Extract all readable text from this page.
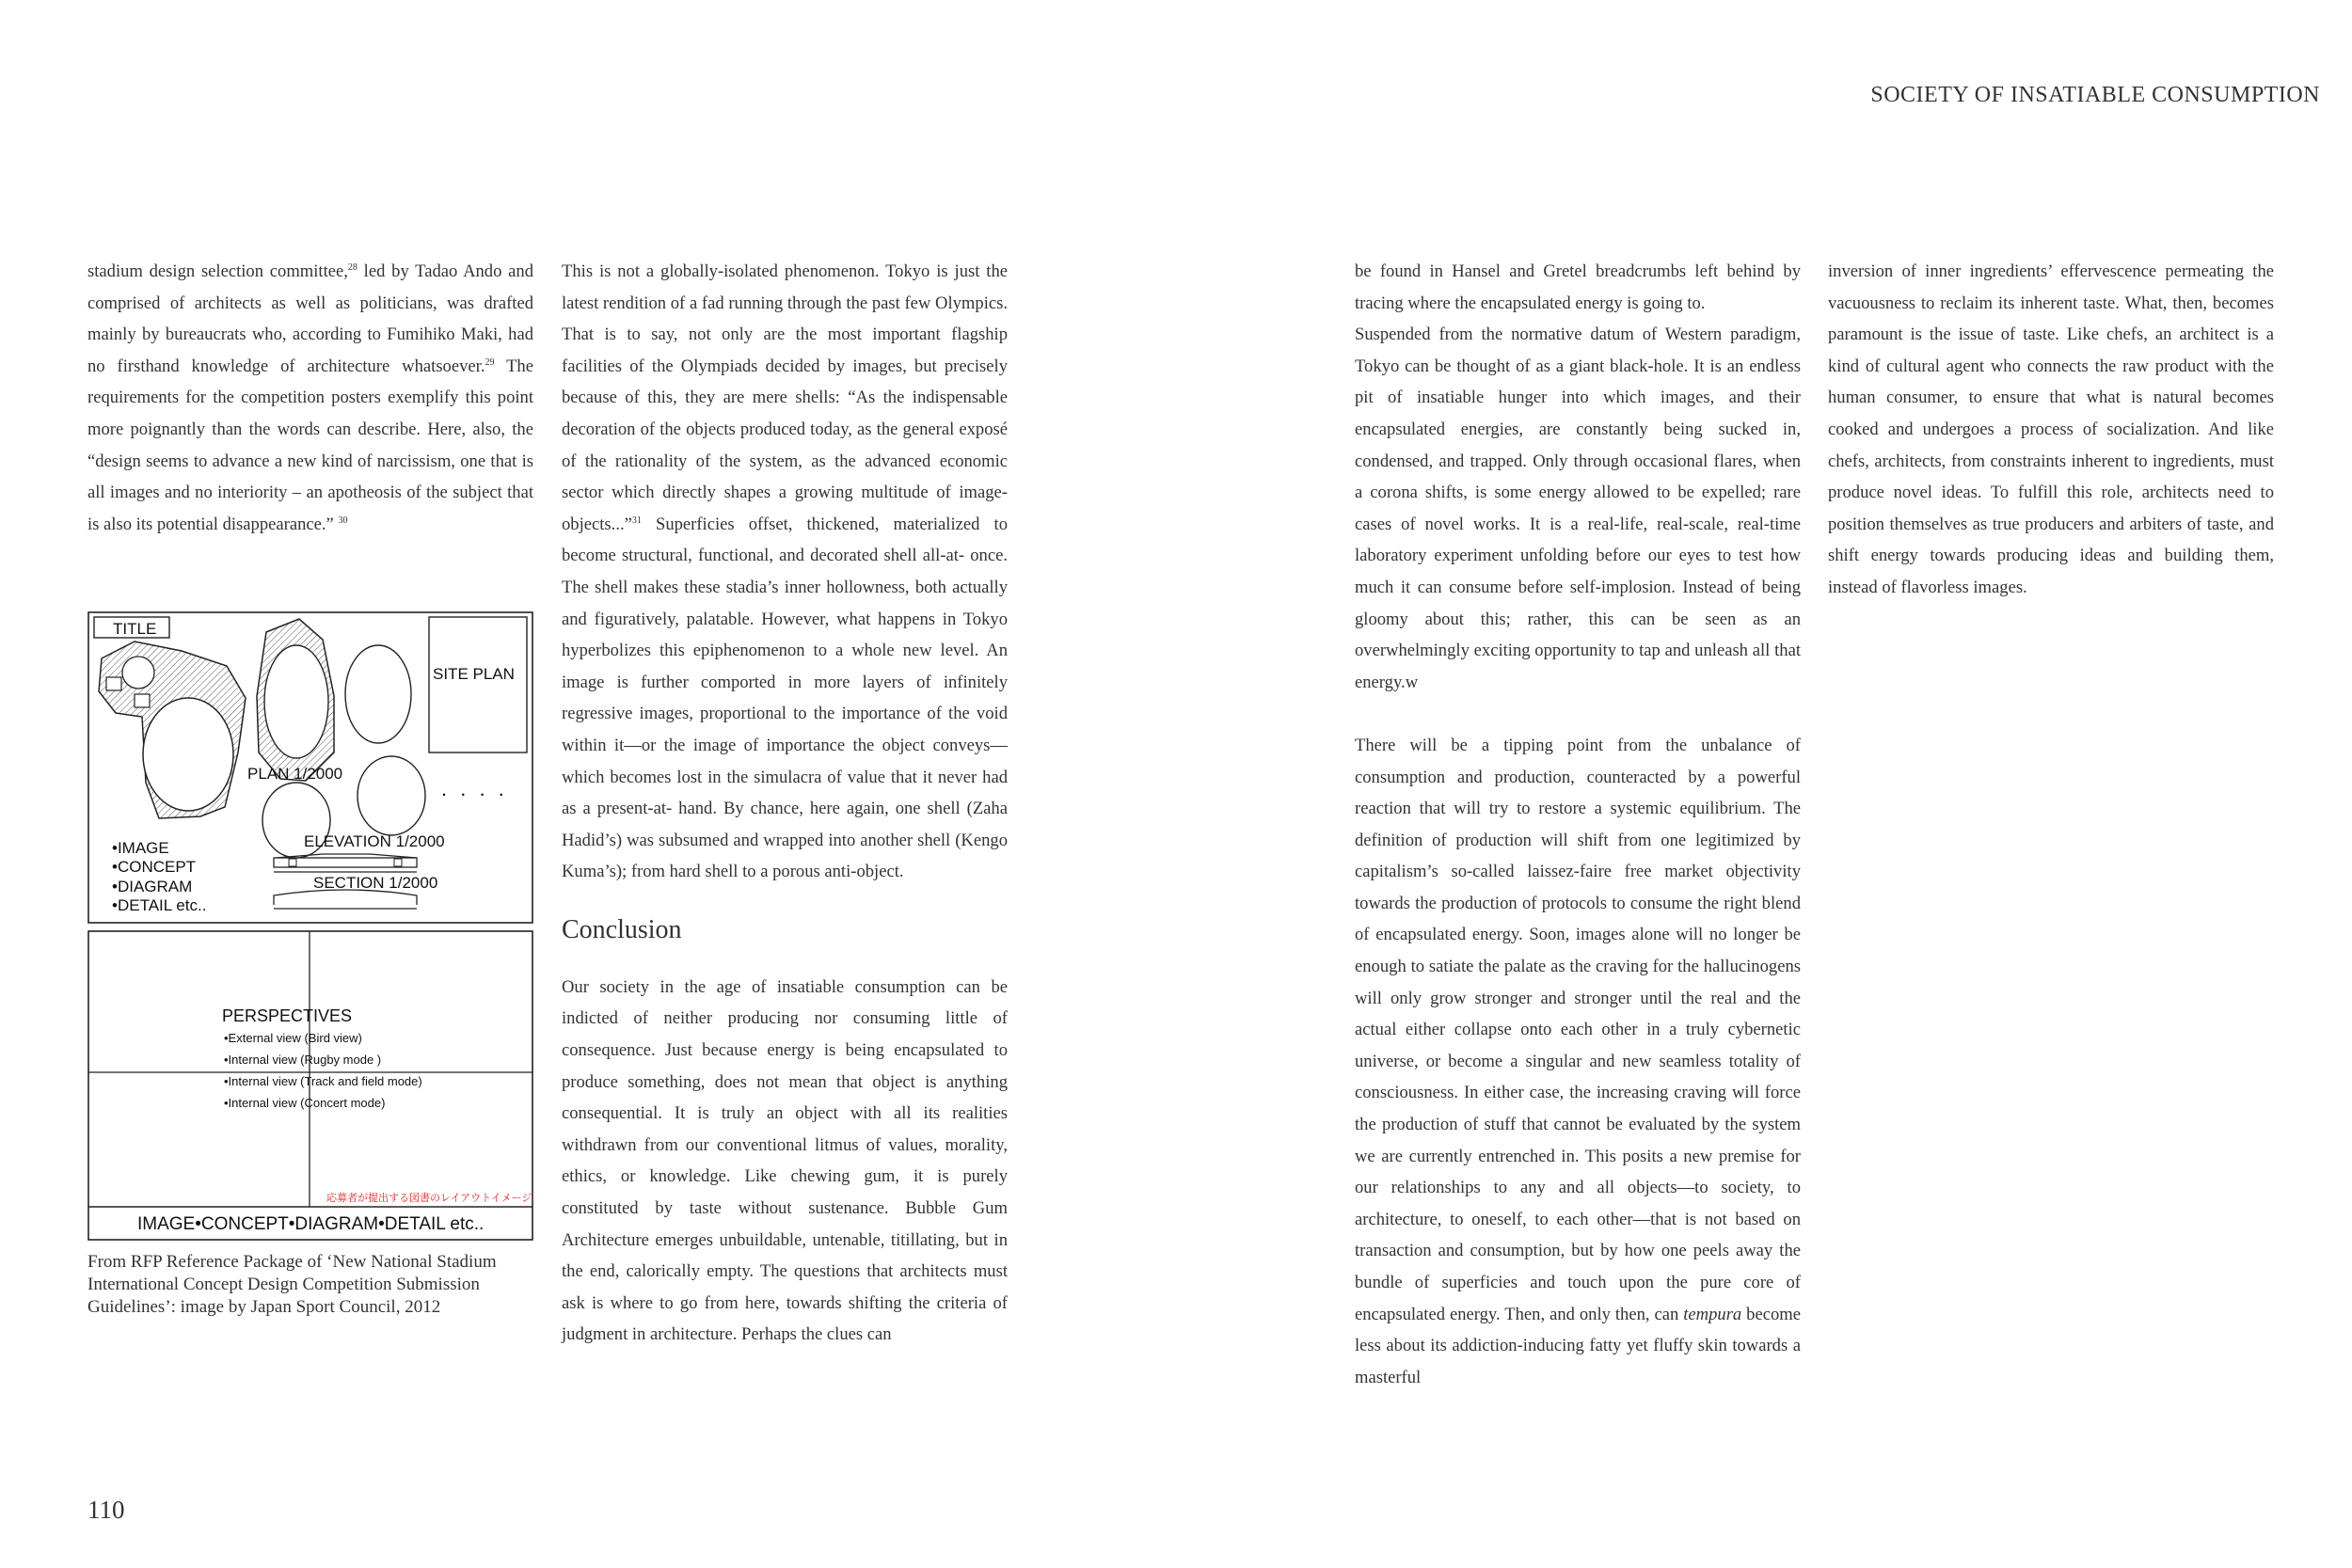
SOCIETY OF INSATIABLE CONSUMPTION

stadium design selection committee,$^{28}$ led by Tadao Ando and comprised of architects as well as politicians, was drafted mainly by bureaucrats who, according to Fumihiko Maki, had no firsthand knowledge of architecture whatsoever.$^{29}$ The requirements for the competition posters exemplify this point more poignantly than the words can describe. Here, also, the “design seems to advance a new kind of narcissism, one that is all images and no interiority – an apotheosis of the subject that is also its potential disappearance.” $^{30}$

TITLE
SITE PLAN
PLAN 1/2000
. . . .
ELEVATION 1/2000
SECTION 1/2000
•IMAGE
•CONCEPT
•DIAGRAM
•DETAIL etc..
PERSPECTIVES
•External view (Bird view)
•Internal view (Rugby mode )
•Internal view (Track and field mode)
•Internal view (Concert mode)
応募者が提出する図書のレイアウトイメージ
IMAGE•CONCEPT•DIAGRAM•DETAIL etc..
From RFP Reference Package of ‘New National Stadium International Concept Design Competition Submission Guidelines’: image by Japan Sport Council, 2012

This is not a globally-isolated phenomenon. Tokyo is just the latest rendition of a fad running through the past few Olympics. That is to say, not only are the most important flagship facilities of the Olympiads decided by images, but precisely because of this, they are mere shells: “As the indispensable decoration of the objects produced today, as the general exposé of the rationality of the system, as the advanced economic sector which directly shapes a growing multitude of image-objects...”$^{31}$ Superficies offset, thickened, materialized to become structural, functional, and decorated shell all-at- once. The shell makes these stadia’s inner hollowness, both actually and figuratively, palatable. However, what happens in Tokyo hyperbolizes this epiphenomenon to a whole new level. An image is further comported in more layers of infinitely regressive images, proportional to the importance of the void within it—or the image of importance the object conveys—which becomes lost in the simulacra of value that it never had as a present-at- hand. By chance, here again, one shell (Zaha Hadid’s) was subsumed and wrapped into another shell (Kengo Kuma’s); from hard shell to a porous anti-object.

Conclusion

Our society in the age of insatiable consumption can be indicted of neither producing nor consuming little of consequence. Just because energy is being encapsulated to produce something, does not mean that object is anything consequential. It is truly an object with all its realities withdrawn from our conventional litmus of values, morality, ethics, or knowledge. Like chewing gum, it is purely constituted by taste without sustenance. Bubble Gum Architecture emerges unbuildable, untenable, titillating, but in the end, calorically empty. The questions that architects must ask is where to go from here, towards shifting the criteria of judgment in architecture. Perhaps the clues can

be found in Hansel and Gretel breadcrumbs left behind by tracing where the encapsulated energy is going to.

Suspended from the normative datum of Western paradigm, Tokyo can be thought of as a giant black-hole. It is an endless pit of insatiable hunger into which images, and their encapsulated energies, are constantly being sucked in, condensed, and trapped. Only through occasional flares, when a corona shifts, is some energy allowed to be expelled; rare cases of novel works. It is a real-life, real-scale, real-time laboratory experiment unfolding before our eyes to test how much it can consume before self-implosion. Instead of being gloomy about this; rather, this can be seen as an overwhelmingly exciting opportunity to tap and unleash all that energy.w

There will be a tipping point from the unbalance of consumption and production, counteracted by a powerful reaction that will try to restore a systemic equilibrium. The definition of production will shift from one legitimized by capitalism’s so-called laissez-faire free market objectivity towards the production of protocols to consume the right blend of encapsulated energy. Soon, images alone will no longer be enough to satiate the palate as the craving for the hallucinogens will only grow stronger and stronger until the real and the actual either collapse onto each other in a truly cybernetic universe, or become a singular and new seamless totality of consciousness. In either case, the increasing craving will force the production of stuff that cannot be evaluated by the system we are currently entrenched in. This posits a new premise for our relationships to any and all objects—to society, to architecture, to oneself, to each other—that is not based on transaction and consumption, but by how one peels away the bundle of superficies and touch upon the pure core of encapsulated energy. Then, and only then, can tempura become less about its addiction-inducing fatty yet fluffy skin towards a masterful

inversion of inner ingredients’ effervescence permeating the vacuousness to reclaim its inherent taste. What, then, becomes paramount is the issue of taste. Like chefs, an architect is a kind of cultural agent who connects the raw product with the human consumer, to ensure that what is natural becomes cooked and undergoes a process of socialization. And like chefs, architects, from constraints inherent to ingredients, must produce novel ideas. To fulfill this role, architects need to position themselves as true producers and arbiters of taste, and shift energy towards producing ideas and building them, instead of flavorless images.

110
